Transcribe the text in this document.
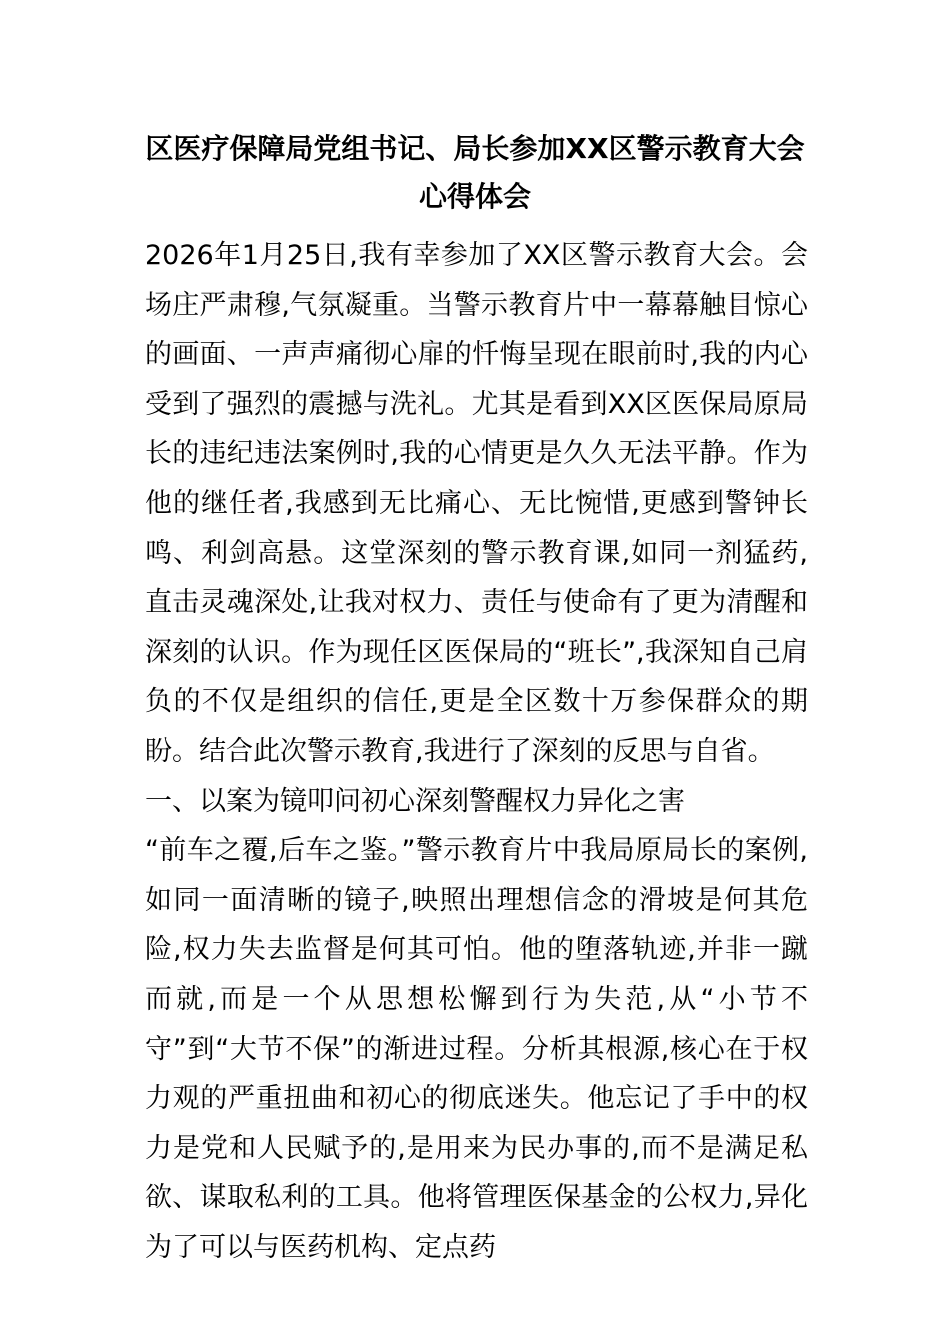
区医疗保障局党组书记、局长参加XX区警示教育大会心得体会

2026年1月25日,我有幸参加了XX区警示教育大会。会场庄严肃穆,气氛凝重。当警示教育片中一幕幕触目惊心的画面、一声声痛彻心扉的忏悔呈现在眼前时,我的内心受到了强烈的震撼与洗礼。尤其是看到XX区医保局原局长的违纪违法案例时,我的心情更是久久无法平静。作为他的继任者,我感到无比痛心、无比惋惜,更感到警钟长鸣、利剑高悬。这堂深刻的警示教育课,如同一剂猛药,直击灵魂深处,让我对权力、责任与使命有了更为清醒和深刻的认识。作为现任区医保局的“班长”,我深知自己肩负的不仅是组织的信任,更是全区数十万参保群众的期盼。结合此次警示教育,我进行了深刻的反思与自省。

一、以案为镜叩问初心深刻警醒权力异化之害

“前车之覆,后车之鉴。”警示教育片中我局原局长的案例,如同一面清晰的镜子,映照出理想信念的滑坡是何其危险,权力失去监督是何其可怕。他的堕落轨迹,并非一蹴而就,而是一个从思想松懈到行为失范,从“小节不守”到“大节不保”的渐进过程。分析其根源,核心在于权力观的严重扭曲和初心的彻底迷失。他忘记了手中的权力是党和人民赋予的,是用来为民办事的,而不是满足私欲、谋取私利的工具。他将管理医保基金的公权力,异化为了可以与医药机构、定点药
